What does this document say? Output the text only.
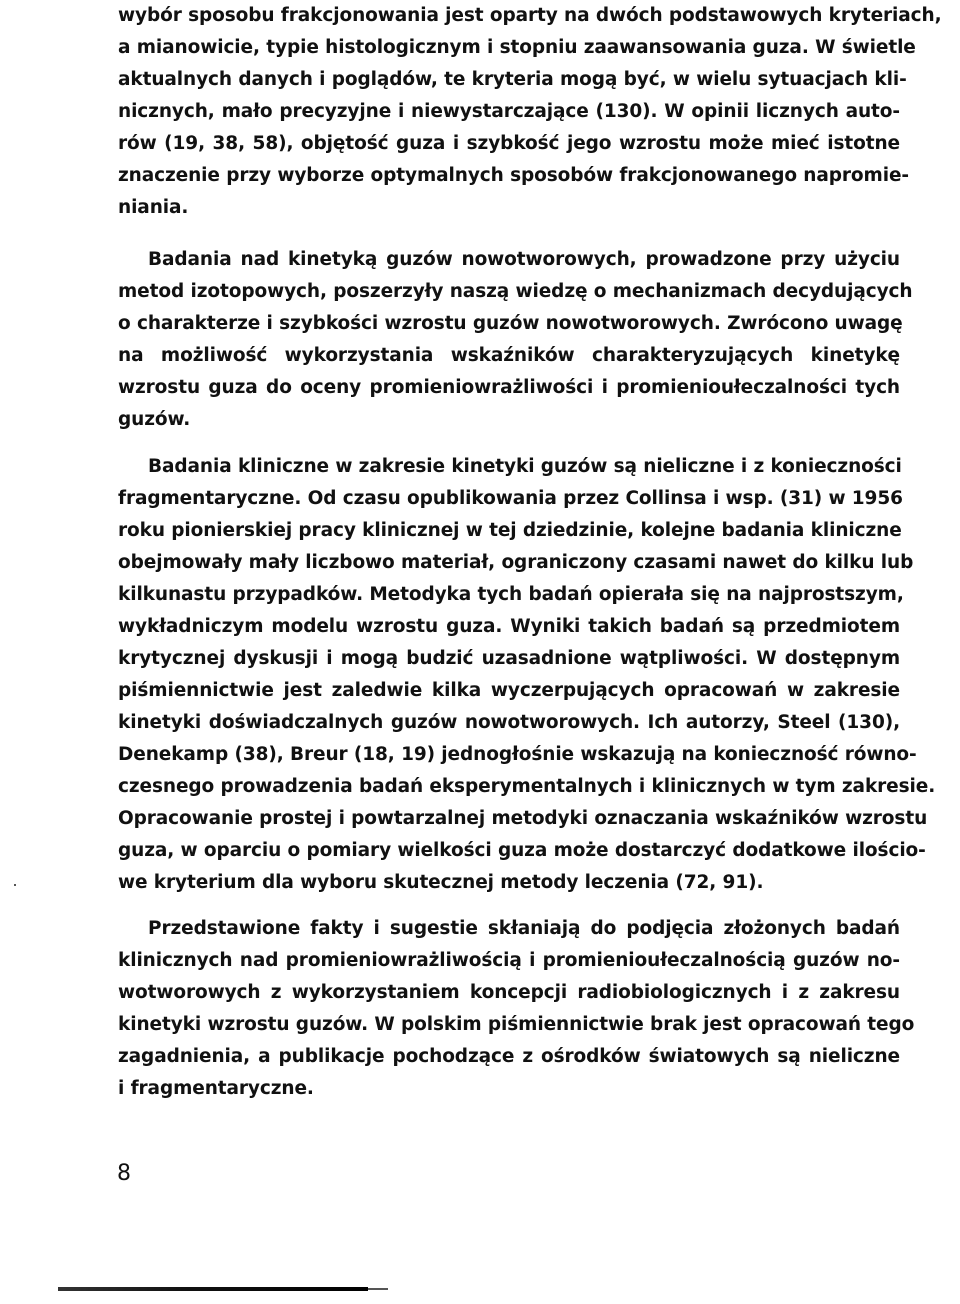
wybór sposobu frakcjonowania jest oparty na dwóch podstawowych kryteriach,
a mianowicie, typie histologicznym i stopniu zaawansowania guza. W świetle
aktualnych danych i poglądów, te kryteria mogą być, w wielu sytuacjach kli-
nicznych, mało precyzyjne i niewystarczające (130). W opinii licznych auto-
rów (19, 38, 58), objętość guza i szybkość jego wzrostu może mieć istotne
znaczenie przy wyborze optymalnych sposobów frakcjonowanego napromie-
niania.
Badania nad kinetyką guzów nowotworowych, prowadzone przy użyciu
metod izotopowych, poszerzyły naszą wiedzę o mechanizmach decydujących
o charakterze i szybkości wzrostu guzów nowotworowych. Zwrócono uwagę
na możliwość wykorzystania wskaźników charakteryzujących kinetykę
wzrostu guza do oceny promieniowrażliwości i promienioułeczalności tych
guzów.
Badania kliniczne w zakresie kinetyki guzów są nieliczne i z konieczności
fragmentaryczne. Od czasu opublikowania przez Collinsa i wsp. (31) w 1956
roku pionierskiej pracy klinicznej w tej dziedzinie, kolejne badania kliniczne
obejmowały mały liczbowo materiał, ograniczony czasami nawet do kilku lub
kilkunastu przypadków. Metodyka tych badań opierała się na najprostszym,
wykładniczym modelu wzrostu guza. Wyniki takich badań są przedmiotem
krytycznej dyskusji i mogą budzić uzasadnione wątpliwości. W dostępnym
piśmiennictwie jest zaledwie kilka wyczerpujących opracowań w zakresie
kinetyki doświadczalnych guzów nowotworowych. Ich autorzy, Steel (130),
Denekamp (38), Breur (18, 19) jednogłośnie wskazują na konieczność równo-
czesnego prowadzenia badań eksperymentalnych i klinicznych w tym zakresie.
Opracowanie prostej i powtarzalnej metodyki oznaczania wskaźników wzrostu
guza, w oparciu o pomiary wielkości guza może dostarczyć dodatkowe ilościo-
we kryterium dla wyboru skutecznej metody leczenia (72, 91).
Przedstawione fakty i sugestie skłaniają do podjęcia złożonych badań
klinicznych nad promieniowrażliwością i promienioułeczalnością guzów no-
wotworowych z wykorzystaniem koncepcji radiobiologicznych i z zakresu
kinetyki wzrostu guzów. W polskim piśmiennictwie brak jest opracowań tego
zagadnienia, a publikacje pochodzące z ośrodków światowych są nieliczne
i fragmentaryczne.
8
